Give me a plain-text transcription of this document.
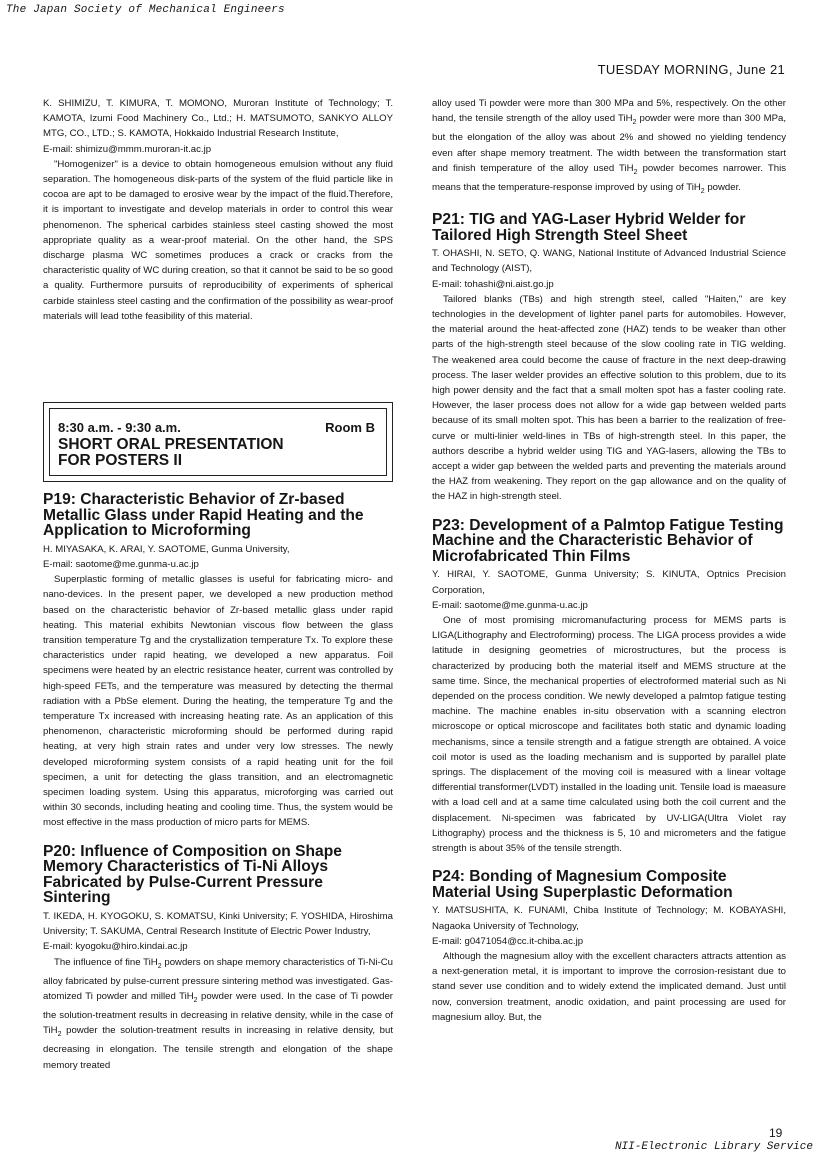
The Japan Society of Mechanical Engineers
TUESDAY MORNING, June 21

K. SHIMIZU, T. KIMURA, T. MOMONO, Muroran Institute of Technology; T. KAMOTA, Izumi Food Machinery Co., Ltd.; H. MATSUMOTO, SANKYO ALLOY MTG, CO., LTD.; S. KAMOTA, Hokkaido Industrial Research Institute,

E-mail: shimizu@mmm.muroran-it.ac.jp

"Homogenizer" is a device to obtain homogeneous emulsion without any fluid separation. The homogeneous disk-parts of the system of the fluid particle like in cocoa are apt to be damaged to erosive wear by the impact of the fluid.Therefore, it is important to investigate and develop materials in order to control this wear phenomenon. The spherical carbides stainless steel casting showed the most appropriate quality as a wear-proof material. On the other hand, the SPS discharge plasma WC sometimes produces a crack or cracks from the characteristic quality of WC during creation, so that it cannot be said to be so good a quality. Furthermore pursuits of reproducibility of experiments of spherical carbide stainless steel casting and the confirmation of the possibility as wear-proof materials will lead tothe feasibility of this material.

8:30 a.m. - 9:30 a.m.	Room B
SHORT ORAL PRESENTATION
FOR POSTERS II
P19: Characteristic Behavior of Zr-based Metallic Glass under Rapid Heating and the Application to Microforming

H. MIYASAKA, K. ARAI, Y. SAOTOME, Gunma University,

E-mail: saotome@me.gunma-u.ac.jp

Superplastic forming of metallic glasses is useful for fabricating micro- and nano-devices. In the present paper, we developed a new production method based on the characteristic behavior of Zr-based metallic glass under rapid heating. This material exhibits Newtonian viscous flow between the glass transition temperature Tg and the crystallization temperature Tx. To explore these characteristics under rapid heating, we developed a new apparatus. Foil specimens were heated by an electric resistance heater, current was controlled by high-speed FETs, and the temperature was measured by detecting the thermal radiation with a PbSe element. During the heating, the temperature Tg and the temperature Tx increased with increasing heating rate. As an application of this phenomenon, characteristic microforming should be performed during rapid heating, at very high strain rates and under very low stresses. The newly developed microforming system consists of a rapid heating unit for the foil specimen, a unit for detecting the glass transition, and an electromagnetic specimen loading system. Using this apparatus, microforging was carried out within 30 seconds, including heating and cooling time. Thus, the system would be most effective in the mass production of micro parts for MEMS.

P20: Influence of Composition on Shape Memory Characteristics of Ti-Ni Alloys Fabricated by Pulse-Current Pressure Sintering

T. IKEDA, H. KYOGOKU, S. KOMATSU, Kinki University; F. YOSHIDA, Hiroshima University; T. SAKUMA, Central Research Institute of Electric Power Industry,

E-mail: kyogoku@hiro.kindai.ac.jp

The influence of fine TiH$_2$ powders on shape memory characteristics of Ti-Ni-Cu alloy fabricated by pulse-current pressure sintering method was investigated. Gas-atomized Ti powder and milled TiH$_2$ powder were used. In the case of Ti powder the solution-treatment results in decreasing in relative density, while in the case of TiH$_2$ powder the solution-treatment results in increasing in relative density, but decreasing in elongation. The tensile strength and elongation of the shape memory treated

alloy used Ti powder were more than 300 MPa and 5%, respectively. On the other hand, the tensile strength of the alloy used TiH$_2$ powder were more than 300 MPa, but the elongation of the alloy was about 2% and showed no yielding tendency even after shape memory treatment. The width between the transformation start and finish temperature of the alloy used TiH$_2$ powder becomes narrower. This means that the temperature-response improved by using of TiH$_2$ powder.

P21: TIG and YAG-Laser Hybrid Welder for Tailored High Strength Steel Sheet

T. OHASHI, N. SETO, Q. WANG, National Institute of Advanced Industrial Science and Technology (AIST),

E-mail: tohashi@ni.aist.go.jp

Tailored blanks (TBs) and high strength steel, called "Haiten," are key technologies in the development of lighter panel parts for automobiles. However, the material around the heat-affected zone (HAZ) tends to be weaker than other parts of the high-strength steel because of the slow cooling rate in TIG welding. The weakened area could become the cause of fracture in the next deep-drawing process. The laser welder provides an effective solution to this problem, due to its high power density and the fact that a small molten spot has a faster cooling rate. However, the laser process does not allow for a wide gap between welded parts because of its small molten spot. This has been a barrier to the realization of free-curve or multi-linier weld-lines in TBs of high-strength steel. In this paper, the authors describe a hybrid welder using TIG and YAG-lasers, allowing the TBs to accept a wider gap between the welded parts and preventing the materials around the HAZ from weakening. They report on the gap allowance and on the quality of the HAZ in high-strength steel.

P23: Development of a Palmtop Fatigue Testing Machine and the Characteristic Behavior of Microfabricated Thin Films

Y. HIRAI, Y. SAOTOME, Gunma University; S. KINUTA, Optnics Precision Corporation,

E-mail: saotome@me.gunma-u.ac.jp

One of most promising micromanufacturing process for MEMS parts is LIGA(Lithography and Electroforming) process. The LIGA process provides a wide latitude in designing geometries of microstructures, but the process is characterized by producing both the material itself and MEMS structure at the same time. Since, the mechanical properties of electroformed material such as Ni depended on the process condition. We newly developed a palmtop fatigue testing machine. The machine enables in-situ observation with a scanning electron microscope or optical microscope and facilitates both static and dynamic loading mechanisms, since a tensile strength and a fatigue strength are obtained. A voice coil motor is used as the loading mechanism and is supported by parallel plate springs. The displacement of the moving coil is measured with a linear voltage differential transformer(LVDT) installed in the loading unit. Tensile load is maeasure with a load cell and at a same time calculated using both the coil current and the displacement. Ni-specimen was fabricated by UV-LIGA(Ultra Violet ray Lithography) process and the thickness is 5, 10 and micrometers and the fatigue strength is about 35% of the tensile strength.

P24: Bonding of Magnesium Composite Material Using Superplastic Deformation

Y. MATSUSHITA, K. FUNAMI, Chiba Institute of Technology; M. KOBAYASHI, Nagaoka University of Technology,

E-mail: g0471054@cc.it-chiba.ac.jp

Although the magnesium alloy with the excellent characters attracts attention as a next-generation metal, it is important to improve the corrosion-resistant due to stand sever use condition and to widely extend the implicated demand. Just until now, conversion treatment, anodic oxidation, and paint processing are used for magnesium alloy. But, the

19
NII-Electronic Library Service
